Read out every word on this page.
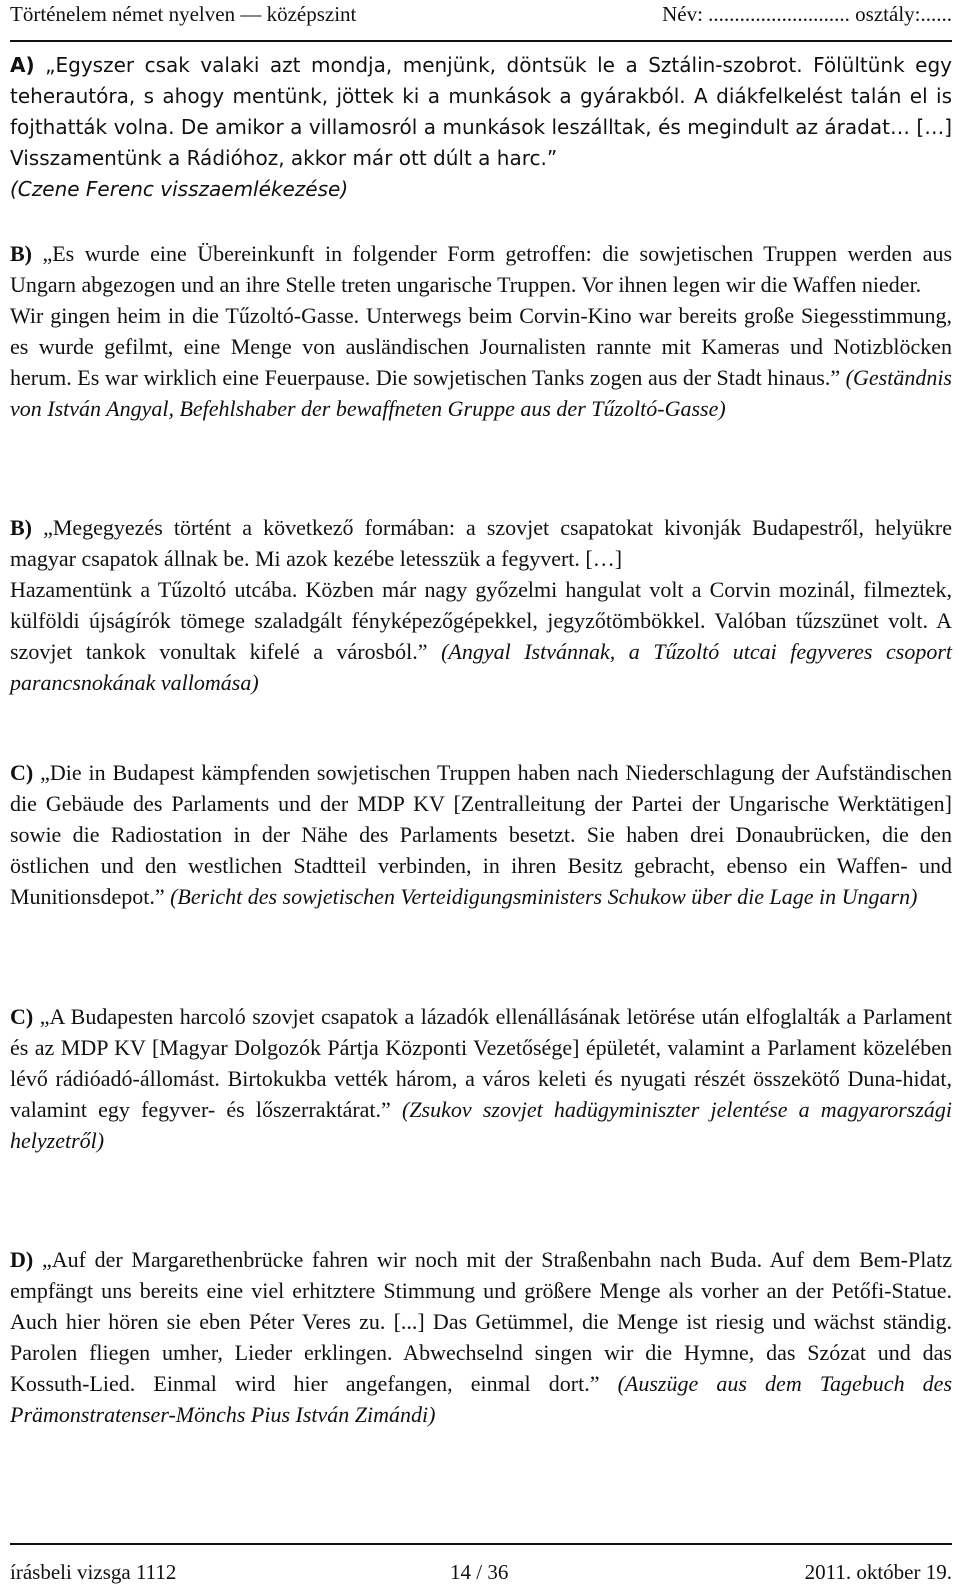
Történelem német nyelven — középszint	Név: ........................... osztály:......

A) „Egyszer csak valaki azt mondja, menjünk, döntsük le a Sztálin-szobrot. Fölültünk egy teherautóra, s ahogy mentünk, jöttek ki a munkások a gyárakból. A diákfelkelést talán el is fojthatták volna. De amikor a villamosról a munkások leszálltak, és megindult az áradat… […] Visszamentünk a Rádióhoz, akkor már ott dúlt a harc.”

(Czene Ferenc visszaemlékezése)

B) „Es wurde eine Übereinkunft in folgender Form getroffen: die sowjetischen Truppen werden aus Ungarn abgezogen und an ihre Stelle treten ungarische Truppen. Vor ihnen legen wir die Waffen nieder.

Wir gingen heim in die Tűzoltó-Gasse. Unterwegs beim Corvin-Kino war bereits große Siegesstimmung, es wurde gefilmt, eine Menge von ausländischen Journalisten rannte mit Kameras und Notizblöcken herum. Es war wirklich eine Feuerpause. Die sowjetischen Tanks zogen aus der Stadt hinaus.” (Geständnis von István Angyal, Befehlshaber der bewaffneten Gruppe aus der Tűzoltó-Gasse)

B) „Megegyezés történt a következő formában: a szovjet csapatokat kivonják Budapestről, helyükre magyar csapatok állnak be. Mi azok kezébe letesszük a fegyvert. […]

Hazamentünk a Tűzoltó utcába. Közben már nagy győzelmi hangulat volt a Corvin mozinál, filmeztek, külföldi újságírók tömege szaladgált fényképezőgépekkel, jegyzőtömbökkel. Valóban tűzszünet volt. A szovjet tankok vonultak kifelé a városból.” (Angyal Istvánnak, a Tűzoltó utcai fegyveres csoport parancsnokának vallomása)

C) „Die in Budapest kämpfenden sowjetischen Truppen haben nach Niederschlagung der Aufständischen die Gebäude des Parlaments und der MDP KV [Zentralleitung der Partei der Ungarische Werktätigen] sowie die Radiostation in der Nähe des Parlaments besetzt. Sie haben drei Donaubrücken, die den östlichen und den westlichen Stadtteil verbinden, in ihren Besitz gebracht, ebenso ein Waffen- und Munitionsdepot.” (Bericht des sowjetischen Verteidigungsministers Schukow über die Lage in Ungarn)

C) „A Budapesten harcoló szovjet csapatok a lázadók ellenállásának letörése után elfoglalták a Parlament és az MDP KV [Magyar Dolgozók Pártja Központi Vezetősége] épületét, valamint a Parlament közelében lévő rádióadó-állomást. Birtokukba vették három, a város keleti és nyugati részét összekötő Duna-hidat, valamint egy fegyver- és lőszerraktárat.” (Zsukov szovjet hadügyminiszter jelentése a magyarországi helyzetről)

D) „Auf der Margarethenbrücke fahren wir noch mit der Straßenbahn nach Buda. Auf dem Bem-Platz empfängt uns bereits eine viel erhitztere Stimmung und größere Menge als vorher an der Petőfi-Statue. Auch hier hören sie eben Péter Veres zu. [...] Das Getümmel, die Menge ist riesig und wächst ständig. Parolen fliegen umher, Lieder erklingen. Abwechselnd singen wir die Hymne, das Szózat und das Kossuth-Lied. Einmal wird hier angefangen, einmal dort.” (Auszüge aus dem Tagebuch des Prämonstratenser-Mönchs Pius István Zimándi)

írásbeli vizsga 1112	14 / 36	2011. október 19.
